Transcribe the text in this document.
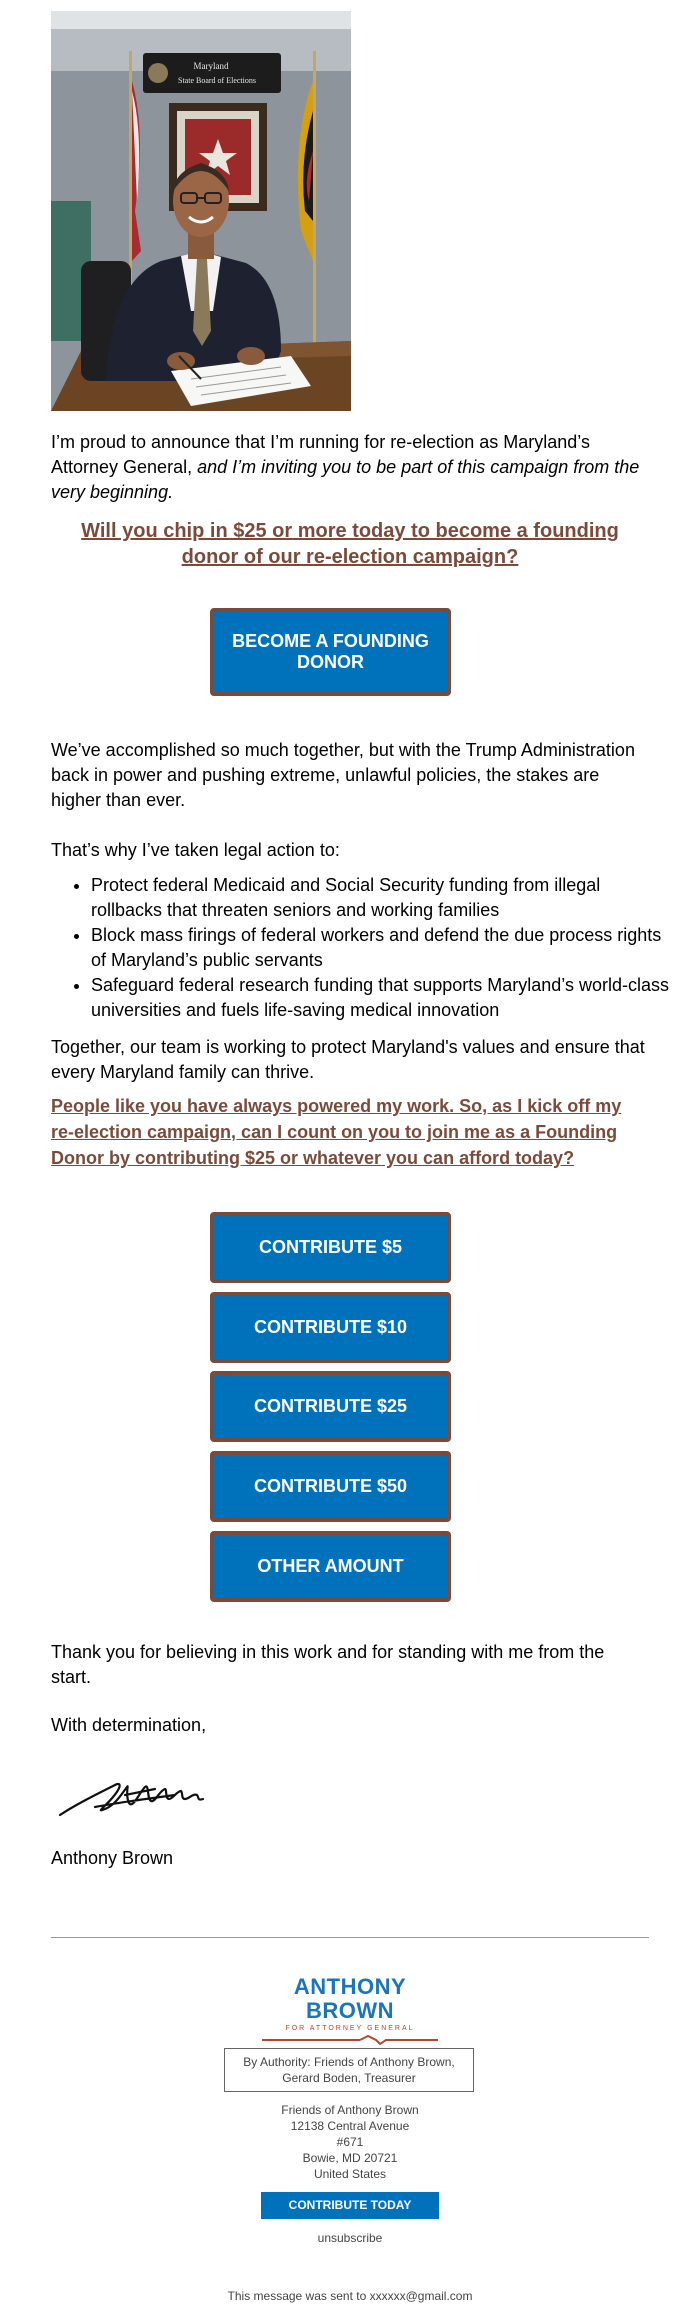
Maryland
State Board of Elections

I’m proud to announce that I’m running for re-election as Maryland’s Attorney General, and I’m inviting you to be part of this campaign from the very beginning.

Will you chip in $25 or more today to become a founding donor of our re-election campaign?
BECOME A FOUNDING DONOR

We’ve accomplished so much together, but with the Trump Administration back in power and pushing extreme, unlawful policies, the stakes are higher than ever.

That’s why I’ve taken legal action to:

• Protect federal Medicaid and Social Security funding from illegal rollbacks that threaten seniors and working families
• Block mass firings of federal workers and defend the due process rights of Maryland’s public servants
• Safeguard federal research funding that supports Maryland’s world-class universities and fuels life-saving medical innovation

Together, our team is working to protect Maryland's values and ensure that every Maryland family can thrive.

People like you have always powered my work. So, as I kick off my re-election campaign, can I count on you to join me as a Founding Donor by contributing $25 or whatever you can afford today?
CONTRIBUTE $5
CONTRIBUTE $10
CONTRIBUTE $25
CONTRIBUTE $50
OTHER AMOUNT

Thank you for believing in this work and for standing with me from the start.

With determination,

Anthony Brown

ANTHONY BROWN
FOR ATTORNEY GENERAL
By Authority: Friends of Anthony Brown,
Gerard Boden, Treasurer
Friends of Anthony Brown
12138 Central Avenue
#671
Bowie, MD 20721
United States
CONTRIBUTE TODAY
unsubscribe
This message was sent to xxxxxx@gmail.com
